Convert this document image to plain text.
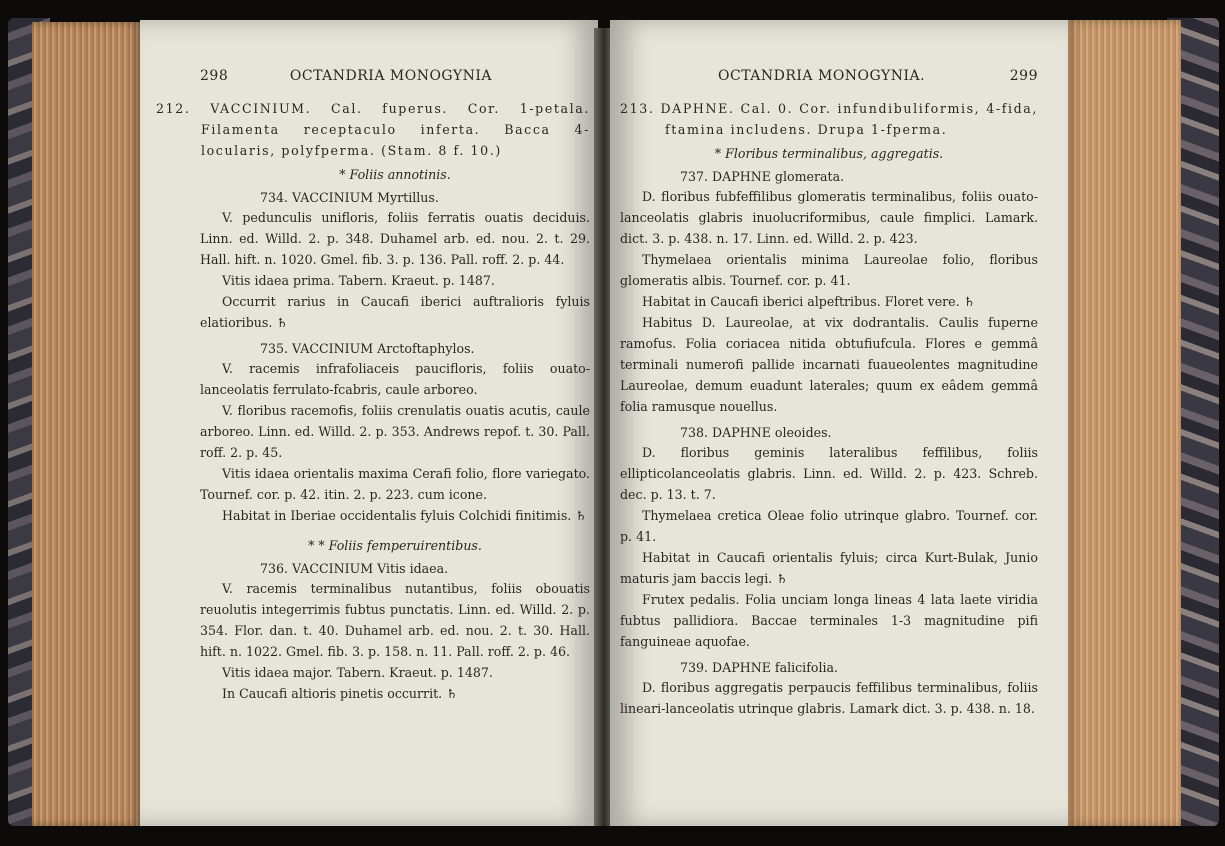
298	OCTANDRIA MONOGYNIA

212. VACCINIUM. Cal. fuperus. Cor. 1-petala. Filamenta receptaculo inferta. Bacca 4-locularis, polyfperma. (Stam. 8 f. 10.)

* Foliis annotinis.
734. VACCINIUM Myrtillus.

V. pedunculis unifloris, foliis ferratis ouatis deciduis. Linn. ed. Willd. 2. p. 348. Duhamel arb. ed. nou. 2. t. 29. Hall. hift. n. 1020. Gmel. fib. 3. p. 136. Pall. roff. 2. p. 44.

Vitis idaea prima. Tabern. Kraeut. p. 1487.

Occurrit rarius in Caucafi iberici auftralioris fyluis elatioribus. ♄

735. VACCINIUM Arctoftaphylos.

V. racemis infrafoliaceis paucifloris, foliis ouato-lanceolatis ferrulato-fcabris, caule arboreo.

V. floribus racemofis, foliis crenulatis ouatis acutis, caule arboreo. Linn. ed. Willd. 2. p. 353. Andrews repof. t. 30. Pall. roff. 2. p. 45.

Vitis idaea orientalis maxima Cerafi folio, flore variegato. Tournef. cor. p. 42. itin. 2. p. 223. cum icone.

Habitat in Iberiae occidentalis fyluis Colchidi finitimis. ♄

* * Foliis femperuirentibus.
736. VACCINIUM Vitis idaea.

V. racemis terminalibus nutantibus, foliis obouatis reuolutis integerrimis fubtus punctatis. Linn. ed. Willd. 2. p. 354. Flor. dan. t. 40. Duhamel arb. ed. nou. 2. t. 30. Hall. hift. n. 1022. Gmel. fib. 3. p. 158. n. 11. Pall. roff. 2. p. 46.

Vitis idaea major. Tabern. Kraeut. p. 1487.

In Caucafi altioris pinetis occurrit. ♄

OCTANDRIA MONOGYNIA.	299

213. DAPHNE. Cal. 0. Cor. infundibuliformis, 4-fida, ftamina includens. Drupa 1-fperma.

* Floribus terminalibus, aggregatis.
737. DAPHNE glomerata.

D. floribus fubfeffilibus glomeratis terminalibus, foliis ouato-lanceolatis glabris inuolucriformibus, caule fimplici. Lamark. dict. 3. p. 438. n. 17. Linn. ed. Willd. 2. p. 423.

Thymelaea orientalis minima Laureolae folio, floribus glomeratis albis. Tournef. cor. p. 41.

Habitat in Caucafi iberici alpeftribus. Floret vere. ♄

Habitus D. Laureolae, at vix dodrantalis. Caulis fuperne ramofus. Folia coriacea nitida obtufiufcula. Flores e gemmâ terminali numerofi pallide incarnati fuaueolentes magnitudine Laureolae, demum euadunt laterales; quum ex eâdem gemmâ folia ramusque nouellus.

738. DAPHNE oleoides.

D. floribus geminis lateralibus feffilibus, foliis ellipticolanceolatis glabris. Linn. ed. Willd. 2. p. 423. Schreb. dec. p. 13. t. 7.

Thymelaea cretica Oleae folio utrinque glabro. Tournef. cor. p. 41.

Habitat in Caucafi orientalis fyluis; circa Kurt-Bulak, Junio maturis jam baccis legi. ♄

Frutex pedalis. Folia unciam longa lineas 4 lata laete viridia fubtus pallidiora. Baccae terminales 1-3 magnitudine pifi fanguineae aquofae.

739. DAPHNE falicifolia.

D. floribus aggregatis perpaucis feffilibus terminalibus, foliis lineari-lanceolatis utrinque glabris. Lamark dict. 3. p. 438. n. 18.
